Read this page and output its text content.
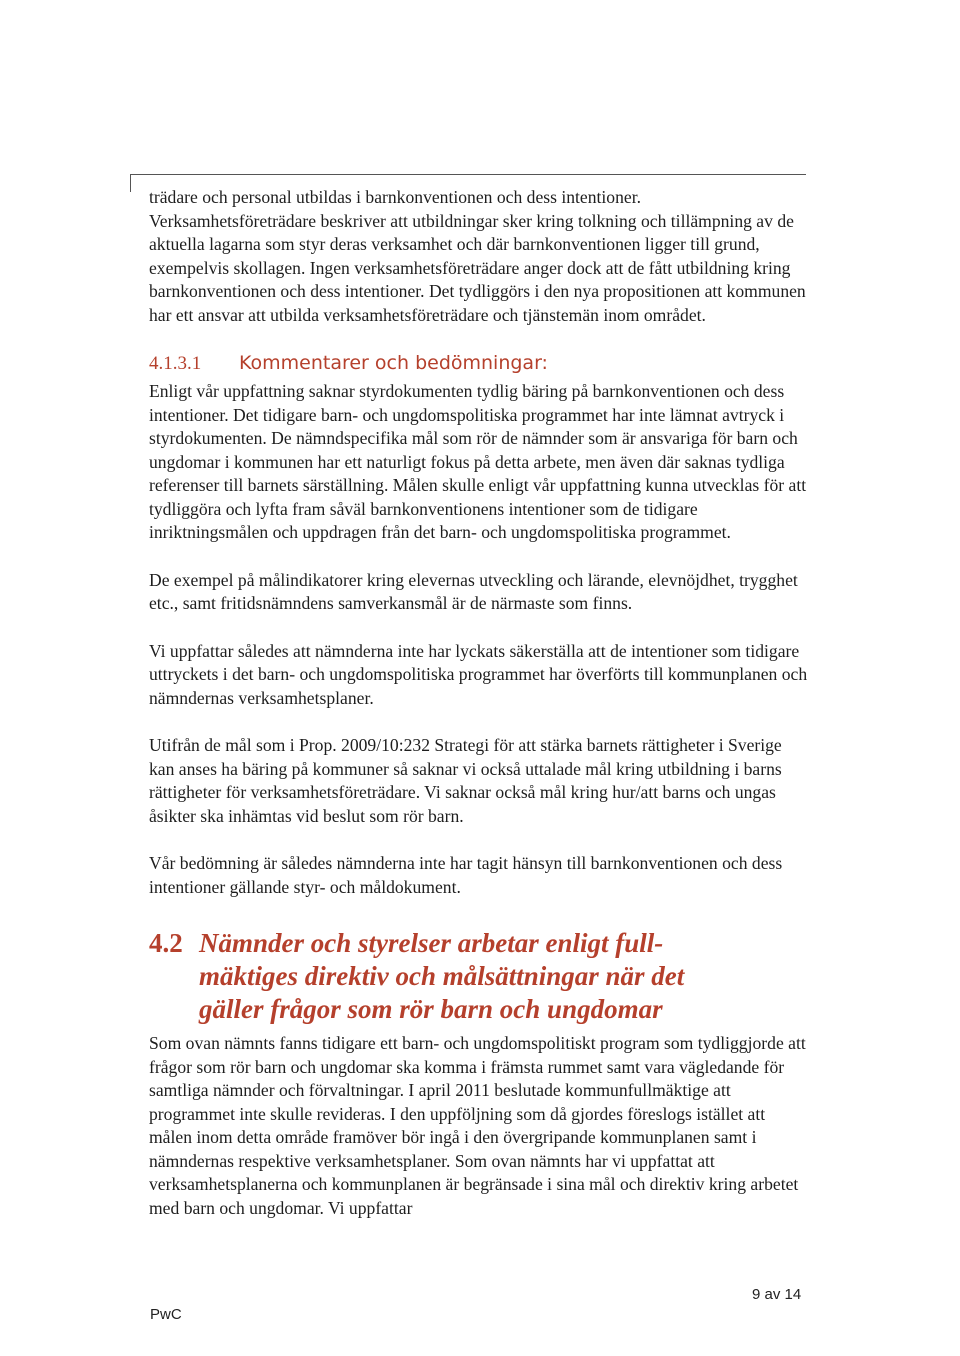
trädare och personal utbildas i barnkonventionen och dess intentioner. Verksamhetsföreträdare beskriver att utbildningar sker kring tolkning och tillämpning av de aktuella lagarna som styr deras verksamhet och där barnkonventionen ligger till grund, exempelvis skollagen. Ingen verksamhetsföreträdare anger dock att de fått utbildning kring barnkonventionen och dess intentioner. Det tydliggörs i den nya propositionen att kommunen har ett ansvar att utbilda verksamhetsföreträdare och tjänstemän inom området.

4.1.3.1 Kommentarer och bedömningar:

Enligt vår uppfattning saknar styrdokumenten tydlig bäring på barnkonventionen och dess intentioner. Det tidigare barn- och ungdomspolitiska programmet har inte lämnat avtryck i styrdokumenten. De nämndspecifika mål som rör de nämnder som är ansvariga för barn och ungdomar i kommunen har ett naturligt fokus på detta arbete, men även där saknas tydliga referenser till barnets särställning. Målen skulle enligt vår uppfattning kunna utvecklas för att tydliggöra och lyfta fram såväl barnkonventionens intentioner som de tidigare inriktningsmålen och uppdragen från det barn- och ungdomspolitiska programmet.

De exempel på målindikatorer kring elevernas utveckling och lärande, elevnöjdhet, trygghet etc., samt fritidsnämndens samverkansmål är de närmaste som finns.

Vi uppfattar således att nämnderna inte har lyckats säkerställa att de intentioner som tidigare uttryckets i det barn- och ungdomspolitiska programmet har överförts till kommunplanen och nämndernas verksamhetsplaner.

Utifrån de mål som i Prop. 2009/10:232 Strategi för att stärka barnets rättigheter i Sverige kan anses ha bäring på kommuner så saknar vi också uttalade mål kring utbildning i barns rättigheter för verksamhetsföreträdare. Vi saknar också mål kring hur/att barns och ungas åsikter ska inhämtas vid beslut som rör barn.

Vår bedömning är således nämnderna inte har tagit hänsyn till barnkonventionen och dess intentioner gällande styr- och måldokument.

4.2 Nämnder och styrelser arbetar enligt full-
mäktiges direktiv och målsättningar när det
gäller frågor som rör barn och ungdomar

Som ovan nämnts fanns tidigare ett barn- och ungdomspolitiskt program som tydliggjorde att frågor som rör barn och ungdomar ska komma i främsta rummet samt vara vägledande för samtliga nämnder och förvaltningar. I april 2011 beslutade kommunfullmäktige att programmet inte skulle revideras. I den uppföljning som då gjordes föreslogs istället att målen inom detta område framöver bör ingå i den övergripande kommunplanen samt i nämndernas respektive verksamhetsplaner. Som ovan nämnts har vi uppfattat att verksamhetsplanerna och kommunplanen är begränsade i sina mål och direktiv kring arbetet med barn och ungdomar. Vi uppfattar

PwC
9 av 14
